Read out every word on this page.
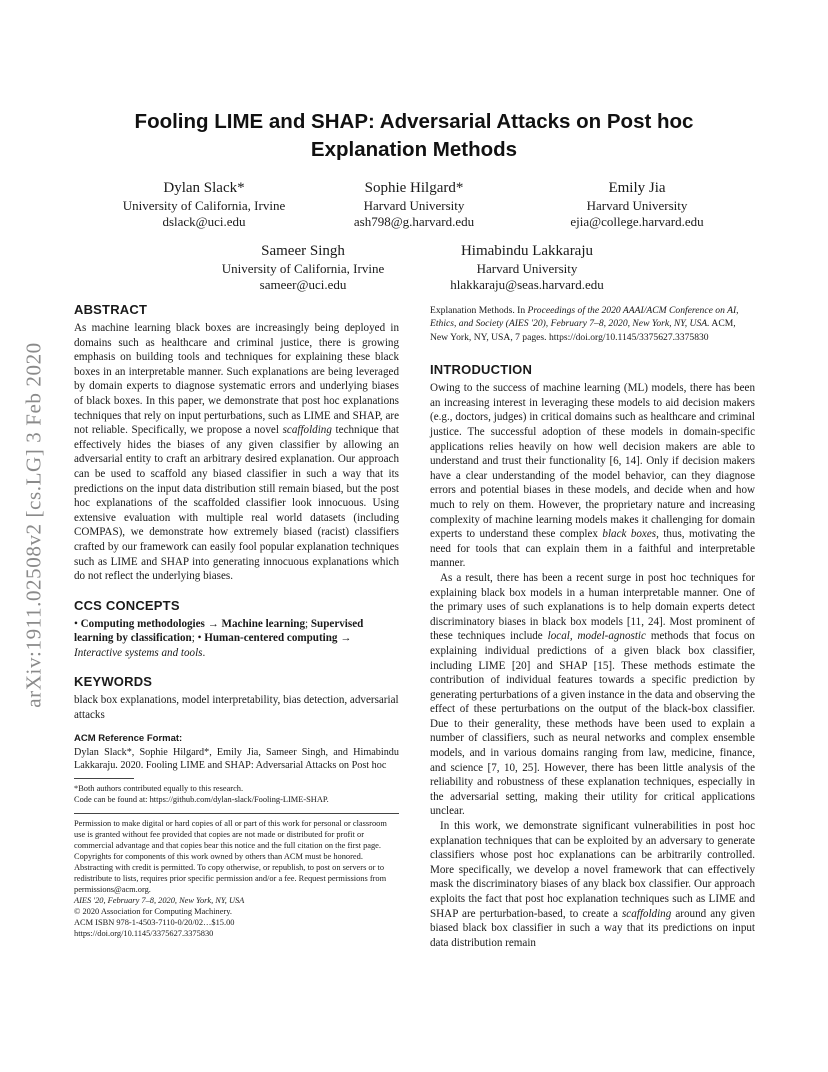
Fooling LIME and SHAP: Adversarial Attacks on Post hoc
Explanation Methods
Dylan Slack*
University of California, Irvine
dslack@uci.edu
Sophie Hilgard*
Harvard University
ash798@g.harvard.edu
Emily Jia
Harvard University
ejia@college.harvard.edu
Sameer Singh
University of California, Irvine
sameer@uci.edu
Himabindu Lakkaraju
Harvard University
hlakkaraju@seas.harvard.edu
arXiv:1911.02508v2 [cs.LG] 3 Feb 2020
ABSTRACT

As machine learning black boxes are increasingly being deployed in domains such as healthcare and criminal justice, there is growing emphasis on building tools and techniques for explaining these black boxes in an interpretable manner. Such explanations are being leveraged by domain experts to diagnose systematic errors and underlying biases of black boxes. In this paper, we demonstrate that post hoc explanations techniques that rely on input perturbations, such as LIME and SHAP, are not reliable. Specifically, we propose a novel scaffolding technique that effectively hides the biases of any given classifier by allowing an adversarial entity to craft an arbitrary desired explanation. Our approach can be used to scaffold any biased classifier in such a way that its predictions on the input data distribution still remain biased, but the post hoc explanations of the scaffolded classifier look innocuous. Using extensive evaluation with multiple real world datasets (including COMPAS), we demonstrate how extremely biased (racist) classifiers crafted by our framework can easily fool popular explanation techniques such as LIME and SHAP into generating innocuous explanations which do not reflect the underlying biases.

CCS CONCEPTS
• Computing methodologies → Machine learning; Supervised learning by classification; • Human-centered computing → Interactive systems and tools.
KEYWORDS

black box explanations, model interpretability, bias detection, adversarial attacks

ACM Reference Format:

Dylan Slack*, Sophie Hilgard*, Emily Jia, Sameer Singh, and Himabindu Lakkaraju. 2020. Fooling LIME and SHAP: Adversarial Attacks on Post hoc

*Both authors contributed equally to this research.
Code can be found at: https://github.com/dylan-slack/Fooling-LIME-SHAP.
Permission to make digital or hard copies of all or part of this work for personal or classroom use is granted without fee provided that copies are not made or distributed for profit or commercial advantage and that copies bear this notice and the full citation on the first page. Copyrights for components of this work owned by others than ACM must be honored. Abstracting with credit is permitted. To copy otherwise, or republish, to post on servers or to redistribute to lists, requires prior specific permission and/or a fee. Request permissions from permissions@acm.org.
AIES '20, February 7–8, 2020, New York, NY, USA
© 2020 Association for Computing Machinery.
ACM ISBN 978-1-4503-7110-0/20/02…$15.00
https://doi.org/10.1145/3375627.3375830

Explanation Methods. In Proceedings of the 2020 AAAI/ACM Conference on AI, Ethics, and Society (AIES '20), February 7–8, 2020, New York, NY, USA. ACM, New York, NY, USA, 7 pages. https://doi.org/10.1145/3375627.3375830

INTRODUCTION

Owing to the success of machine learning (ML) models, there has been an increasing interest in leveraging these models to aid decision makers (e.g., doctors, judges) in critical domains such as healthcare and criminal justice. The successful adoption of these models in domain-specific applications relies heavily on how well decision makers are able to understand and trust their functionality [6, 14]. Only if decision makers have a clear understanding of the model behavior, can they diagnose errors and potential biases in these models, and decide when and how much to rely on them. However, the proprietary nature and increasing complexity of machine learning models makes it challenging for domain experts to understand these complex black boxes, thus, motivating the need for tools that can explain them in a faithful and interpretable manner.

As a result, there has been a recent surge in post hoc techniques for explaining black box models in a human interpretable manner. One of the primary uses of such explanations is to help domain experts detect discriminatory biases in black box models [11, 24]. Most prominent of these techniques include local, model-agnostic methods that focus on explaining individual predictions of a given black box classifier, including LIME [20] and SHAP [15]. These methods estimate the contribution of individual features towards a specific prediction by generating perturbations of a given instance in the data and observing the effect of these perturbations on the output of the black-box classifier. Due to their generality, these methods have been used to explain a number of classifiers, such as neural networks and complex ensemble models, and in various domains ranging from law, medicine, finance, and science [7, 10, 25]. However, there has been little analysis of the reliability and robustness of these explanation techniques, especially in the adversarial setting, making their utility for critical applications unclear.

In this work, we demonstrate significant vulnerabilities in post hoc explanation techniques that can be exploited by an adversary to generate classifiers whose post hoc explanations can be arbitrarily controlled. More specifically, we develop a novel framework that can effectively mask the discriminatory biases of any black box classifier. Our approach exploits the fact that post hoc explanation techniques such as LIME and SHAP are perturbation-based, to create a scaffolding around any given biased black box classifier in such a way that its predictions on input data distribution remain
